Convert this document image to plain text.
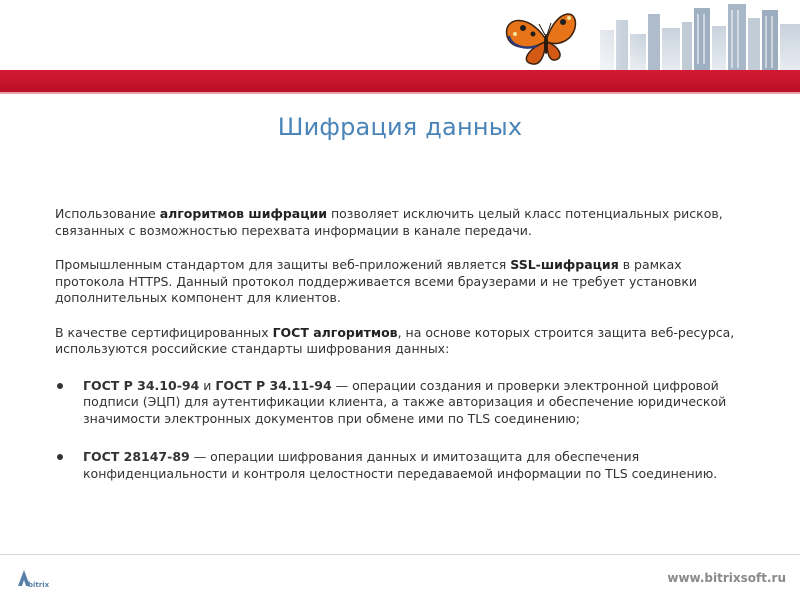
Шифрация данных

Использование алгоритмов шифрации позволяет исключить целый класс потенциальных рисков, связанных с возможностью перехвата информации в канале передачи.

Промышленным стандартом для защиты веб-приложений является SSL-шифрация в рамках протокола HTTPS. Данный протокол поддерживается всеми браузерами и не требует установки дополнительных компонент для клиентов.

В качестве сертифицированных ГОСТ алгоритмов, на основе которых строится защита веб-ресурса, используются российские стандарты шифрования данных:

ГОСТ Р 34.10-94 и ГОСТ Р 34.11-94 — операции создания и проверки электронной цифровой подписи (ЭЦП) для аутентификации клиента, а также авторизация и обеспечение юридической значимости электронных документов при обмене ими по TLS соединению;
ГОСТ 28147-89 — операции шифрования данных и имитозащита для обеспечения конфиденциальности и контроля целостности передаваемой информации по TLS соединению.
bitrix	www.bitrixsoft.ru
